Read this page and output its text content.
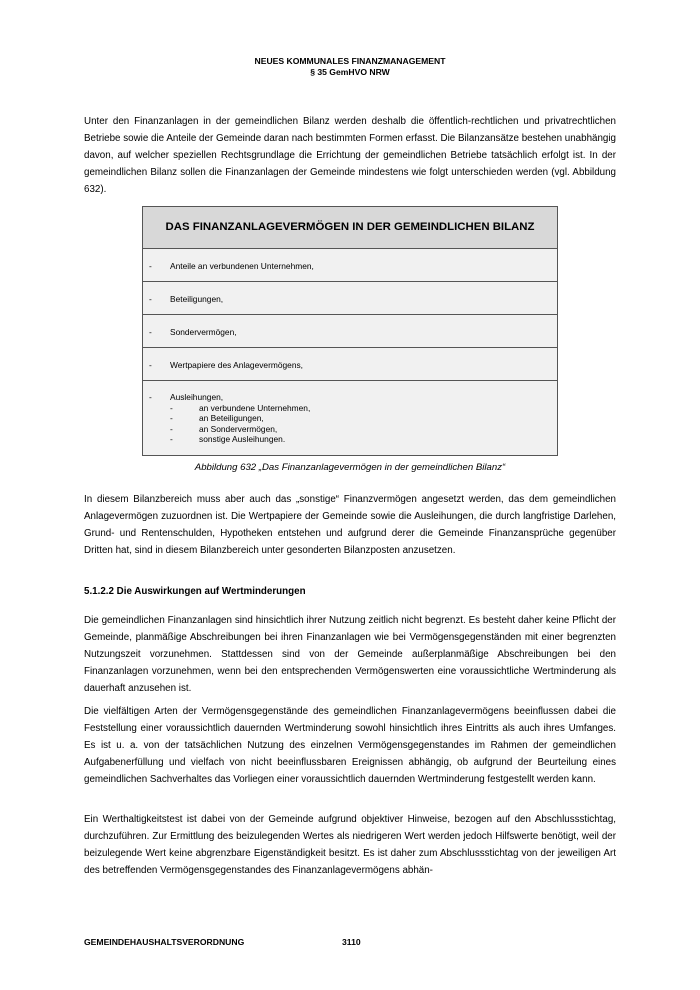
NEUES KOMMUNALES FINANZMANAGEMENT
§ 35 GemHVO NRW

Unter den Finanzanlagen in der gemeindlichen Bilanz werden deshalb die öffentlich-rechtlichen und privatrechtlichen Betriebe sowie die Anteile der Gemeinde daran nach bestimmten Formen erfasst. Die Bilanzansätze bestehen unabhängig davon, auf welcher speziellen Rechtsgrundlage die Errichtung der gemeindlichen Betriebe tatsächlich erfolgt ist. In der gemeindlichen Bilanz sollen die Finanzanlagen der Gemeinde mindestens wie folgt unterschieden werden (vgl. Abbildung 632).

DAS FINANZANLAGEVERMÖGEN IN DER GEMEINDLICHEN BILANZ
- Anteile an verbundenen Unternehmen,
- Beteiligungen,
- Sondervermögen,
- Wertpapiere des Anlagevermögens,
- Ausleihungen,
-	an verbundene Unternehmen,
-	an Beteiligungen,
-	an Sondervermögen,
-	sonstige Ausleihungen.
Abbildung 632 „Das Finanzanlagevermögen in der gemeindlichen Bilanz“

In diesem Bilanzbereich muss aber auch das „sonstige“ Finanzvermögen angesetzt werden, das dem gemeindlichen Anlagevermögen zuzuordnen ist. Die Wertpapiere der Gemeinde sowie die Ausleihungen, die durch langfristige Darlehen, Grund- und Rentenschulden, Hypotheken entstehen und aufgrund derer die Gemeinde Finanzansprüche gegenüber Dritten hat, sind in diesem Bilanzbereich unter gesonderten Bilanzposten anzusetzen.

5.1.2.2 Die Auswirkungen auf Wertminderungen

Die gemeindlichen Finanzanlagen sind hinsichtlich ihrer Nutzung zeitlich nicht begrenzt. Es besteht daher keine Pflicht der Gemeinde, planmäßige Abschreibungen bei ihren Finanzanlagen wie bei Vermögensgegenständen mit einer begrenzten Nutzungszeit vorzunehmen. Stattdessen sind von der Gemeinde außerplanmäßige Abschreibungen bei den Finanzanlagen vorzunehmen, wenn bei den entsprechenden Vermögenswerten eine voraussichtliche Wertminderung als dauerhaft anzusehen ist.

Die vielfältigen Arten der Vermögensgegenstände des gemeindlichen Finanzanlagevermögens beeinflussen dabei die Feststellung einer voraussichtlich dauernden Wertminderung sowohl hinsichtlich ihres Eintritts als auch ihres Umfanges. Es ist u. a. von der tatsächlichen Nutzung des einzelnen Vermögensgegenstandes im Rahmen der gemeindlichen Aufgabenerfüllung und vielfach von nicht beeinflussbaren Ereignissen abhängig, ob aufgrund der Beurteilung eines gemeindlichen Sachverhaltes das Vorliegen einer voraussichtlich dauernden Wertminderung festgestellt werden kann.

Ein Werthaltigkeitstest ist dabei von der Gemeinde aufgrund objektiver Hinweise, bezogen auf den Abschlussstichtag, durchzuführen. Zur Ermittlung des beizulegenden Wertes als niedrigeren Wert werden jedoch Hilfswerte benötigt, weil der beizulegende Wert keine abgrenzbare Eigenständigkeit besitzt. Es ist daher zum Abschlussstichtag von der jeweiligen Art des betreffenden Vermögensgegenstandes des Finanzanlagevermögens abhän-

GEMEINDEHAUSHALTSVERORDNUNG	3110
